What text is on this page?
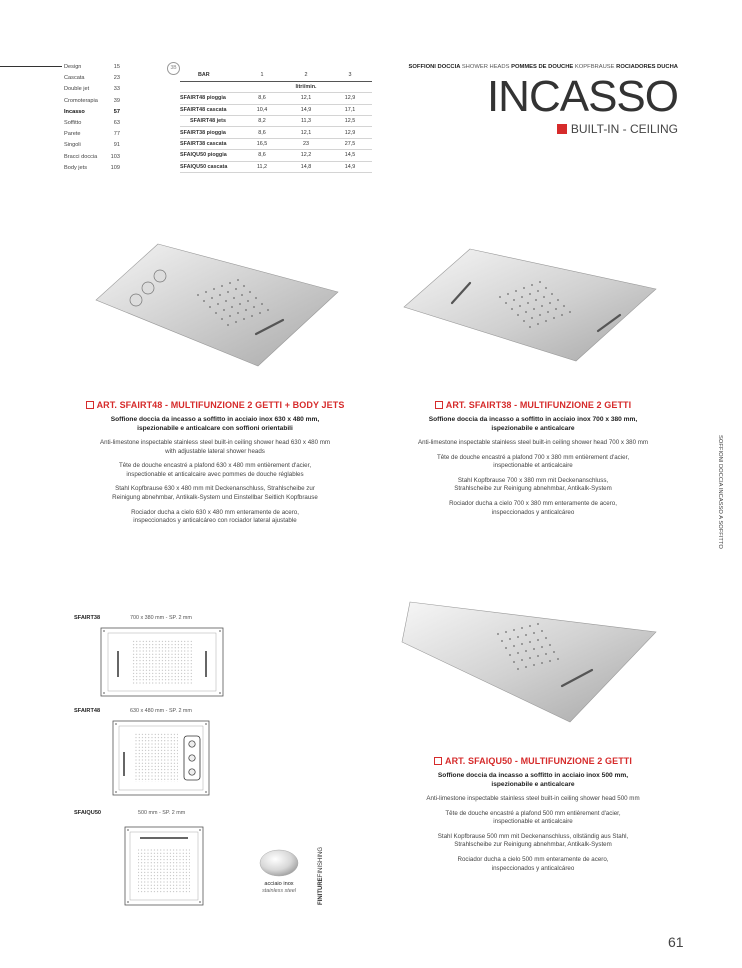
Design	15
Cascata	23
Double jet	33
Cromoterapia	39
Incasso	57
Soffitto	63
Parete	77
Singoli	91
Bracci doccia 103
Body jets	109
3B
BAR	1	2	3
	litri/min.		
SFAIRT48 pioggia	8,6	12,1	12,9
SFAIRT48 cascata	10,4	14,9	17,1
SFAIRT48 jets	8,2	11,3	12,5
SFAIRT38 pioggia	8,6	12,1	12,9
SFAIRT38 cascata	16,5	23	27,5
SFAIQU50 pioggia	8,6	12,2	14,5
SFAIQU50 cascata	11,2	14,8	14,9
SOFFIONI DOCCIA SHOWER HEADS POMMES DE DOUCHE KOPFBRAUSE ROCIADORES DUCHA
INCASSO
BUILT-IN - CEILING
ART. SFAIRT48 - MULTIFUNZIONE 2 GETTI + BODY JETS
Soffione doccia da incasso a soffitto in acciaio inox 630 x 480 mm,
ispezionabile e anticalcare con soffioni orientabili
Anti-limestone inspectable stainless steel built-in ceiling shower head 630 x 480 mm
with adjustable lateral shower heads
Tête de douche encastré a plafond 630 x 480 mm entièrement d'acier,
inspectionable et anticalcaire avec pommes de douche réglables
Stahl Kopfbrause 630 x 480 mm mit Deckenanschluss, Strahlscheibe zur
Reinigung abnehmbar, Antikalk-System und Einstellbar Seitlich Kopfbrause
Rociador ducha a cielo 630 x 480 mm enteramente de acero,
inspeccionados y anticalcáreo con rociador lateral ajustable
ART. SFAIRT38 - MULTIFUNZIONE 2 GETTI
Soffione doccia da incasso a soffitto in acciaio inox 700 x 380 mm,
ispezionabile e anticalcare
Anti-limestone inspectable stainless steel built-in ceiling shower head 700 x 380 mm
Tête de douche encastré a plafond 700 x 380 mm entièrement d'acier,
inspectionable et anticalcaire
Stahl Kopfbrause 700 x 380 mm mit Deckenanschluss,
Strahlscheibe zur Reinigung abnehmbar, Antikalk-System
Rociador ducha a cielo 700 x 380 mm enteramente de acero,
inspeccionados y anticalcáreo	SOFFIONI DOCCIA INCASSO A SOFFITTO
ART. SFAIQU50 - MULTIFUNZIONE 2 GETTI
Soffione doccia da incasso a soffitto in acciaio inox 500 mm,
ispezionabile e anticalcare
Anti-limestone inspectable stainless steel built-in ceiling shower head 500 mm
Tête de douche encastré a plafond 500 mm entièrement d'acier,
inspectionable et anticalcaire
Stahl Kopfbrause 500 mm mit Deckenanschluss, ollständig aus Stahl,
Strahlscheibe zur Reinigung abnehmbar, Antikalk-System
Rociador ducha a cielo 500 mm enteramente de acero,
inspeccionados y anticalcáreo
SFAIRT38	700 x 380 mm - SP. 2 mm
SFAIRT48	630 x 480 mm - SP. 2 mm
SFAIQU50	500 mm - SP. 2 mm
acciaio inox
stainless steel	FINITUREFINISHING
61
